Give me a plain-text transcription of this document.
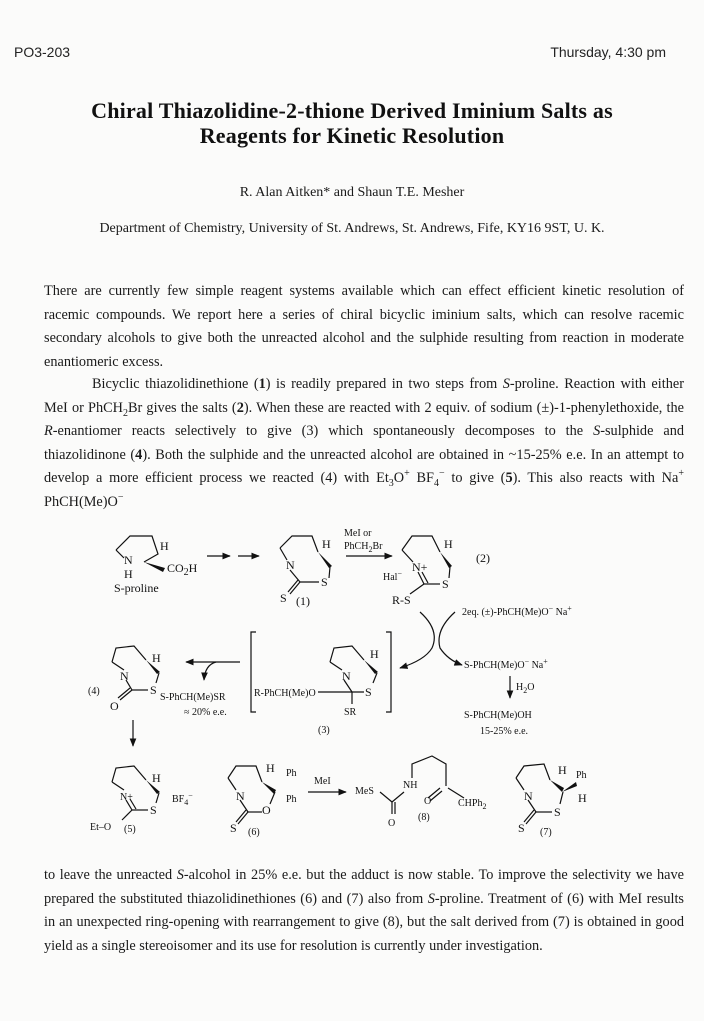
PO3-203	Thursday, 4:30 pm
Chiral Thiazolidine-2-thione Derived Iminium Salts as
Reagents for Kinetic Resolution
R. Alan Aitken* and Shaun T.E. Mesher
Department of Chemistry, University of St. Andrews, St. Andrews, Fife, KY16 9ST, U. K.
There are currently few simple reagent systems available which can effect efficient kinetic resolution of racemic compounds. We report here a series of chiral bicyclic iminium salts, which can resolve racemic secondary alcohols to give both the unreacted alcohol and the sulphide resulting from reaction in moderate enantiomeric excess.
Bicyclic thiazolidinethione (1) is readily prepared in two steps from S-proline. Reaction with either MeI or PhCH$_2$Br gives the salts (2). When these are reacted with 2 equiv. of sodium (±)-1-phenylethoxide, the R-enantiomer reacts selectively to give (3) which spontaneously decomposes to the S-sulphide and thiazolidinone (4). Both the sulphide and the unreacted alcohol are obtained in ~15-25% e.e. In an attempt to develop a more efficient process we reacted (4) with $Et_3O^+$ $BF_4^-$ to give (5). This also reacts with Na+ PhCH(Me)O−
N
H
$CO_2H$
H
S-proline
N
H
S
S (1)
MeI or
PhCH$_2$Br
N+
H
S
Hal−
R-S
(2)
2eq. (±)-PhCH(Me)O− Na+
S-PhCH(Me)O− Na+
$H_2O$
S-PhCH(Me)OH
15-25% e.e.
N
H
S
R-PhCH(Me)O
SR
(3)
S-PhCH(Me)SR
≈ 20% e.e.
N
H
S
O
(4)
N+
H
S
Et–O (5)
$BF_4^-$	N
H Ph
Ph
O
S (6)
MeI
MeS
O
NH
O	CHPh$_2$
(8)
N
H Ph
H
S
S (7)
to leave the unreacted S-alcohol in 25% e.e. but the adduct is now stable. To improve the selectivity we have prepared the substituted thiazolidinethiones (6) and (7) also from S-proline. Treatment of (6) with MeI results in an unexpected ring-opening with rearrangement to give (8), but the salt derived from (7) is obtained in good yield as a single stereoisomer and its use for resolution is currently under investigation.
